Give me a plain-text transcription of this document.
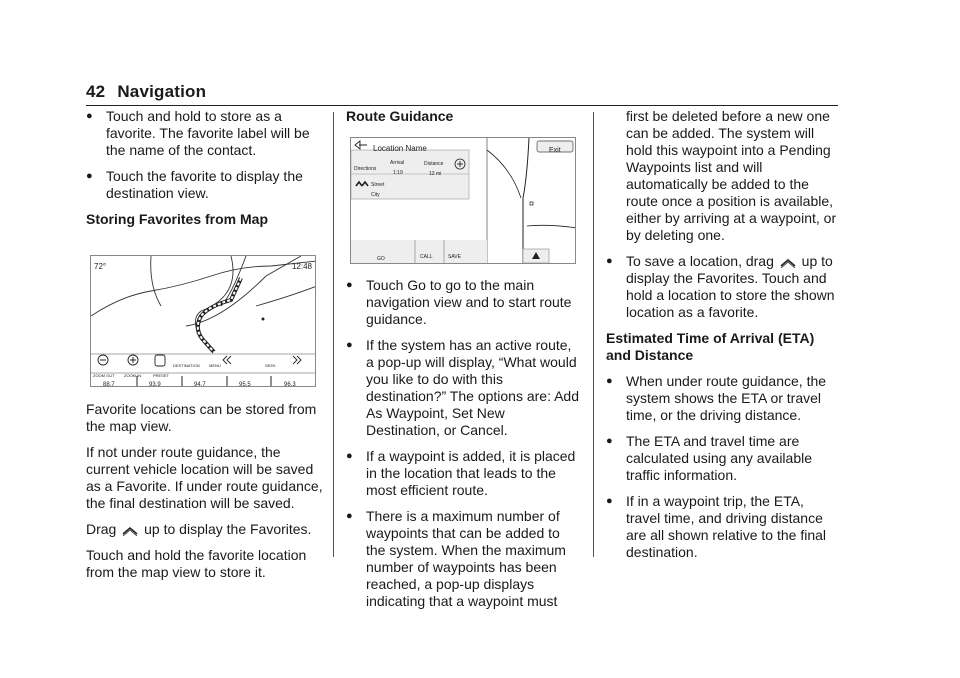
42 Navigation
● Touch and hold to store as a favorite. The favorite label will be the name of the contact.
● Touch the favorite to display the destination view.
Storing Favorites from Map
72°	12:48
ZOOM OUT ZOOM IN	PRESET
DESTINATION MENU	SEEK
88.7	93.9	94.7	95.5	96.3

Favorite locations can be stored from the map view.

If not under route guidance, the current vehicle location will be saved as a Favorite. If under route guidance, the final destination will be saved.

Drag up to display the Favorites.

Touch and hold the favorite location from the map view to store it.

Route Guidance
Location Name	Exit
Directions
Arrival
1:19
Distance
12 mi
Street
City
GO	CALL	SAVE
● Touch Go to go to the main navigation view and to start route guidance.
● If the system has an active route, a pop-up will display, “What would you like to do with this destination?” The options are: Add As Waypoint, Set New Destination, or Cancel.
● If a waypoint is added, it is placed in the location that leads to the most efficient route.
● There is a maximum number of waypoints that can be added to the system. When the maximum number of waypoints has been reached, a pop-up displays indicating that a waypoint must

first be deleted before a new one can be added. The system will hold this waypoint into a Pending Waypoints list and will automatically be added to the route once a position is available, either by arriving at a waypoint, or by deleting one.

● To save a location, drag up to display the Favorites. Touch and hold a location to store the shown location as a favorite.
Estimated Time of Arrival (ETA) and Distance
● When under route guidance, the system shows the ETA or travel time, or the driving distance.
● The ETA and travel time are calculated using any available traffic information.
● If in a waypoint trip, the ETA, travel time, and driving distance are all shown relative to the final destination.
